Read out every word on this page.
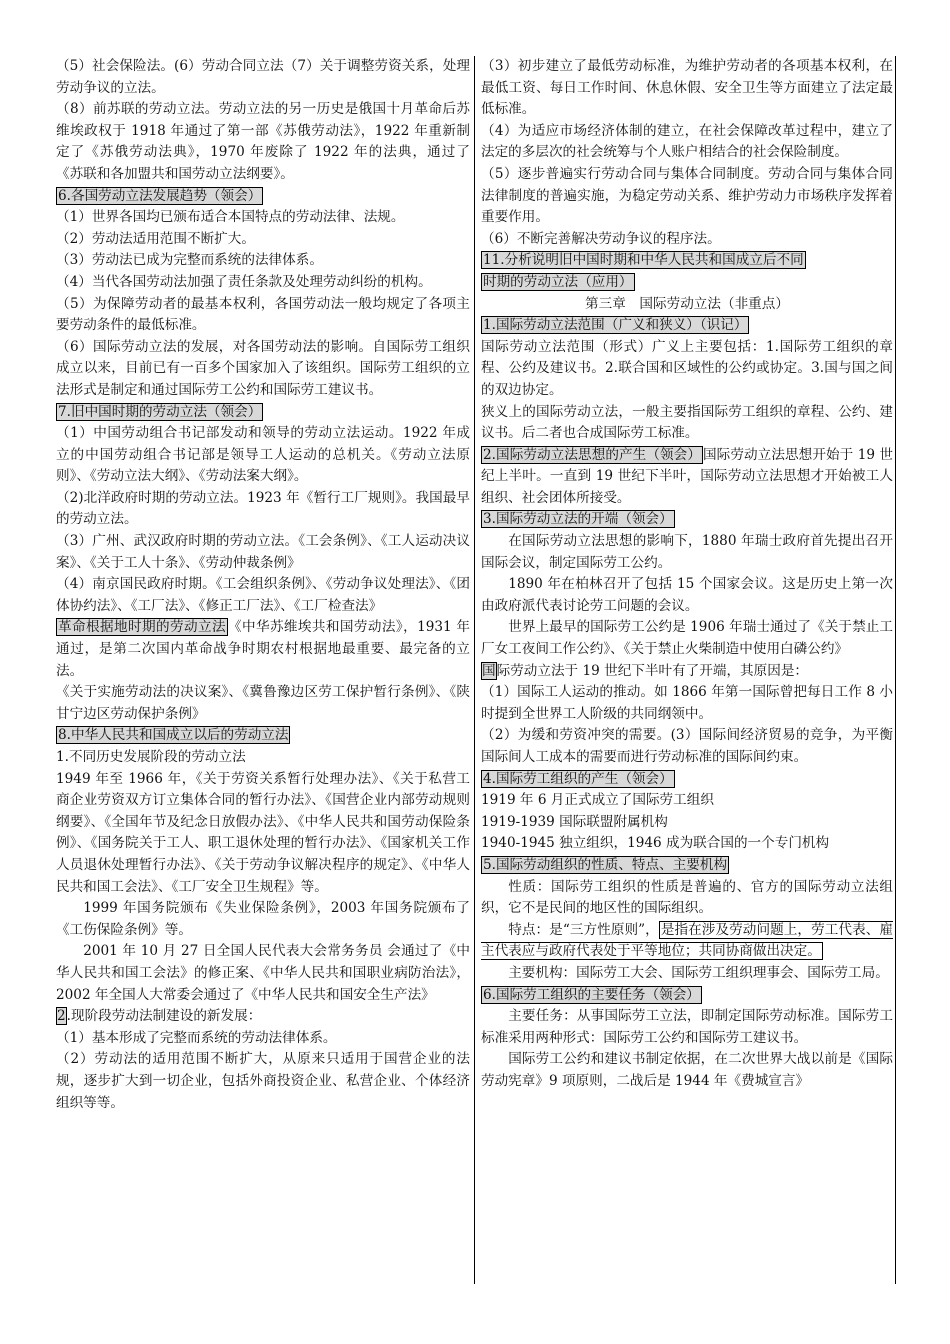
（5）社会保险法。(6）劳动合同立法（7）关于调整劳资关系，处理劳动争议的立法。

（8）前苏联的劳动立法。劳动立法的另一历史是俄国十月革命后苏维埃政权于 1918 年通过了第一部《苏俄劳动法》，1922 年重新制定了《苏俄劳动法典》，1970 年废除了 1922 年的法典，通过了《苏联和各加盟共和国劳动立法纲要》。

6.各国劳动立法发展趋势（领会）

（1）世界各国均已颁布适合本国特点的劳动法律、法规。

（2）劳动法适用范围不断扩大。

（3）劳动法已成为完整而系统的法律体系。

（4）当代各国劳动法加强了责任条款及处理劳动纠纷的机构。

（5）为保障劳动者的最基本权利，各国劳动法一般均规定了各项主要劳动条件的最低标准。

（6）国际劳动立法的发展，对各国劳动法的影响。自国际劳工组织成立以来，目前已有一百多个国家加入了该组织。国际劳工组织的立法形式是制定和通过国际劳工公约和国际劳工建议书。

7.旧中国时期的劳动立法（领会）

（1）中国劳动组合书记部发动和领导的劳动立法运动。1922 年成立的中国劳动组合书记部是领导工人运动的总机关。《劳动立法原则》、《劳动立法大纲》、《劳动法案大纲》。

（2)北洋政府时期的劳动立法。1923 年《暂行工厂规则》。我国最早的劳动立法。

（3）广州、武汉政府时期的劳动立法。《工会条例》、《工人运动决议案》、《关于工人十条》、《劳动仲裁条例》

（4）南京国民政府时期。《工会组织条例》、《劳动争议处理法》、《团体协约法》、《工厂法》、《修正工厂法》、《工厂检查法》

革命根据地时期的劳动立法 《中华苏维埃共和国劳动法》，1931 年通过，是第二次国内革命战争时期农村根据地最重要、最完备的立法。

《关于实施劳动法的决议案》、《冀鲁豫边区劳工保护暂行条例》、《陕甘宁边区劳动保护条例》

8.中华人民共和国成立以后的劳动立法

1.不同历史发展阶段的劳动立法

1949 年至 1966 年，《关于劳资关系暂行处理办法》、《关于私营工商企业劳资双方订立集体合同的暂行办法》、《国营企业内部劳动规则纲要》、《全国年节及纪念日放假办法》、《中华人民共和国劳动保险条例》、《国务院关于工人、职工退休处理的暂行办法》、《国家机关工作人员退休处理暂行办法》、《关于劳动争议解决程序的规定》、《中华人民共和国工会法》、《工厂安全卫生规程》等。

1999 年国务院颁布《失业保险条例》，2003 年国务院颁布了《工伤保险条例》等。

2001 年 10 月 27 日全国人民代表大会常务务员 会通过了《中华人民共和国工会法》的修正案、《中华人民共和国职业病防治法》，2002 年全国人大常委会通过了《中华人民共和国安全生产法》

2.现阶段劳动法制建设的新发展：

（1）基本形成了完整而系统的劳动法律体系。

（2）劳动法的适用范围不断扩大，从原来只适用于国营企业的法规，逐步扩大到一切企业，包括外商投资企业、私营企业、个体经济组织等等。

（3）初步建立了最低劳动标准，为维护劳动者的各项基本权利，在最低工资、每日工作时间、休息休假、安全卫生等方面建立了法定最低标准。

（4）为适应市场经济体制的建立，在社会保障改革过程中，建立了法定的多层次的社会统筹与个人账户相结合的社会保险制度。

（5）逐步普遍实行劳动合同与集体合同制度。劳动合同与集体合同法律制度的普遍实施，为稳定劳动关系、维护劳动力市场秩序发挥着重要作用。

（6）不断完善解决劳动争议的程序法。

11.分析说明旧中国时期和中华人民共和国成立后不同

时期的劳动立法（应用）

第三章　国际劳动立法（非重点）

1.国际劳动立法范围（广义和狭义）（识记）

国际劳动立法范围（形式）广义上主要包括：1.国际劳工组织的章程、公约及建议书。2.联合国和区域性的公约或协定。3.国与国之间的双边协定。

狭义上的国际劳动立法，一般主要指国际劳工组织的章程、公约、建议书。后二者也合成国际劳工标准。

2.国际劳动立法思想的产生（领会） 国际劳动立法思想开始于 19 世纪上半叶。一直到 19 世纪下半叶，国际劳动立法思想才开始被工人组织、社会团体所接受。

3.国际劳动立法的开端（领会）

在国际劳动立法思想的影响下，1880 年瑞士政府首先提出召开国际会议，制定国际劳工公约。

1890 年在柏林召开了包括 15 个国家会议。这是历史上第一次由政府派代表讨论劳工问题的会议。

世界上最早的国际劳工公约是 1906 年瑞士通过了《关于禁止工厂女工夜间工作公约》、《关于禁止火柴制造中使用白磷公约》

国际劳动立法于 19 世纪下半叶有了开端，其原因是：

（1）国际工人运动的推动。如 1866 年第一国际曾把每日工作 8 小时提到全世界工人阶级的共同纲领中。

（2）为缓和劳资冲突的需要。(3）国际间经济贸易的竞争，为平衡国际间人工成本的需要而进行劳动标准的国际间约束。

4.国际劳工组织的产生（领会）

1919 年 6 月正式成立了国际劳工组织

1919-1939 国际联盟附属机构

1940-1945 独立组织，1946 成为联合国的一个专门机构

5.国际劳动组织的性质、特点、主要机构

性质：国际劳工组织的性质是普遍的、官方的国际劳动立法组织，它不是民间的地区性的国际组织。

特点：是“三方性原则”， 是指在涉及劳动问题上，劳工代表、雇主代表应与政府代表处于平等地位；共同协商做出决定。

主要机构：国际劳工大会、国际劳工组织理事会、国际劳工局。

6.国际劳工组织的主要任务（领会）

主要任务：从事国际劳工立法，即制定国际劳动标准。国际劳工标准采用两种形式：国际劳工公约和国际劳工建议书。

国际劳工公约和建议书制定依据，在二次世界大战以前是《国际劳动宪章》9 项原则，二战后是 1944 年《费城宣言》
